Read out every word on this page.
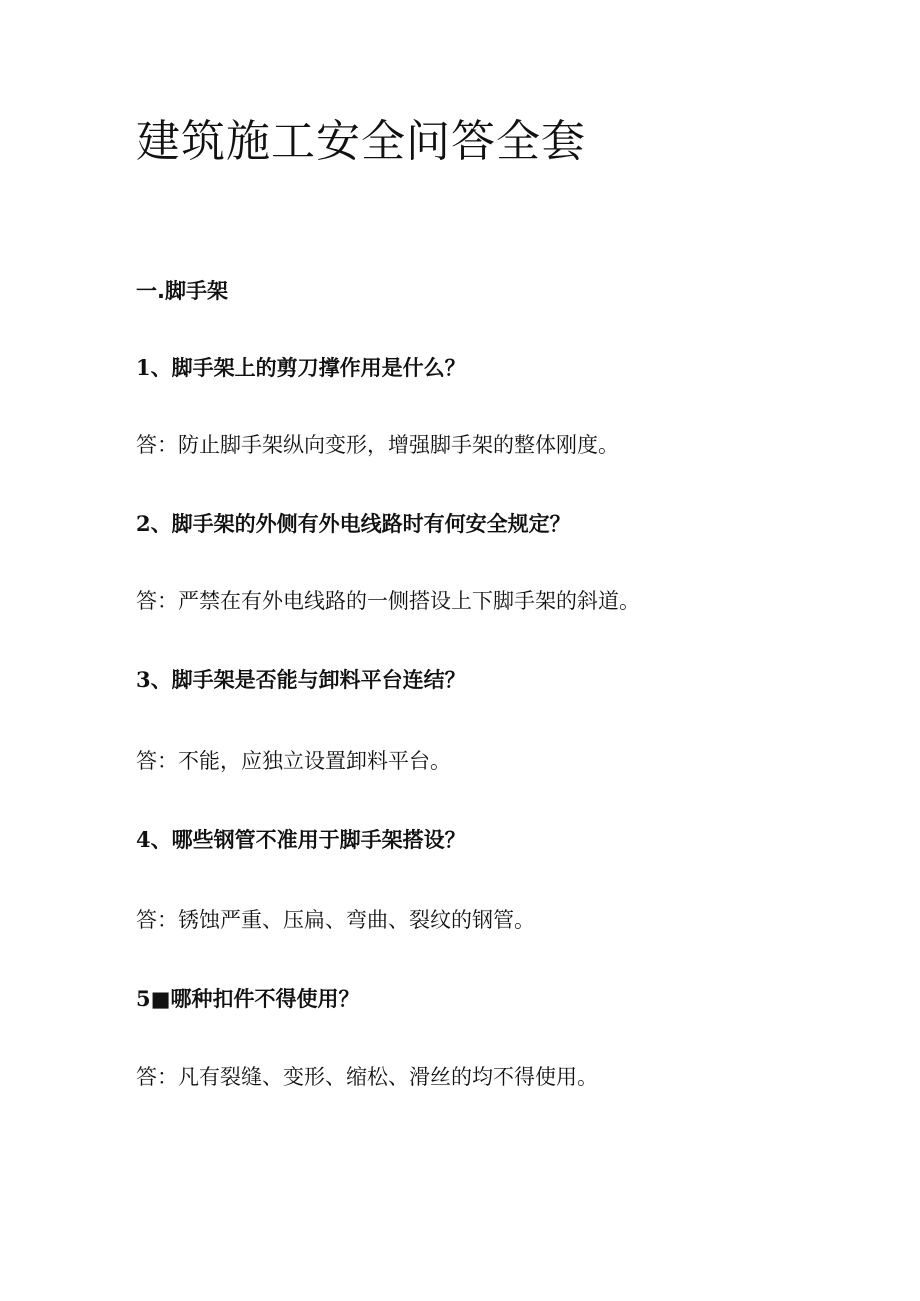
建筑施工安全问答全套
一.脚手架
1、脚手架上的剪刀撑作用是什么？
答：防止脚手架纵向变形，增强脚手架的整体刚度。
2、脚手架的外侧有外电线路时有何安全规定？
答：严禁在有外电线路的一侧搭设上下脚手架的斜道。
3、脚手架是否能与卸料平台连结？
答：不能，应独立设置卸料平台。
4、哪些钢管不准用于脚手架搭设？
答：锈蚀严重、压扁、弯曲、裂纹的钢管。
5■哪种扣件不得使用？
答：凡有裂缝、变形、缩松、滑丝的均不得使用。
